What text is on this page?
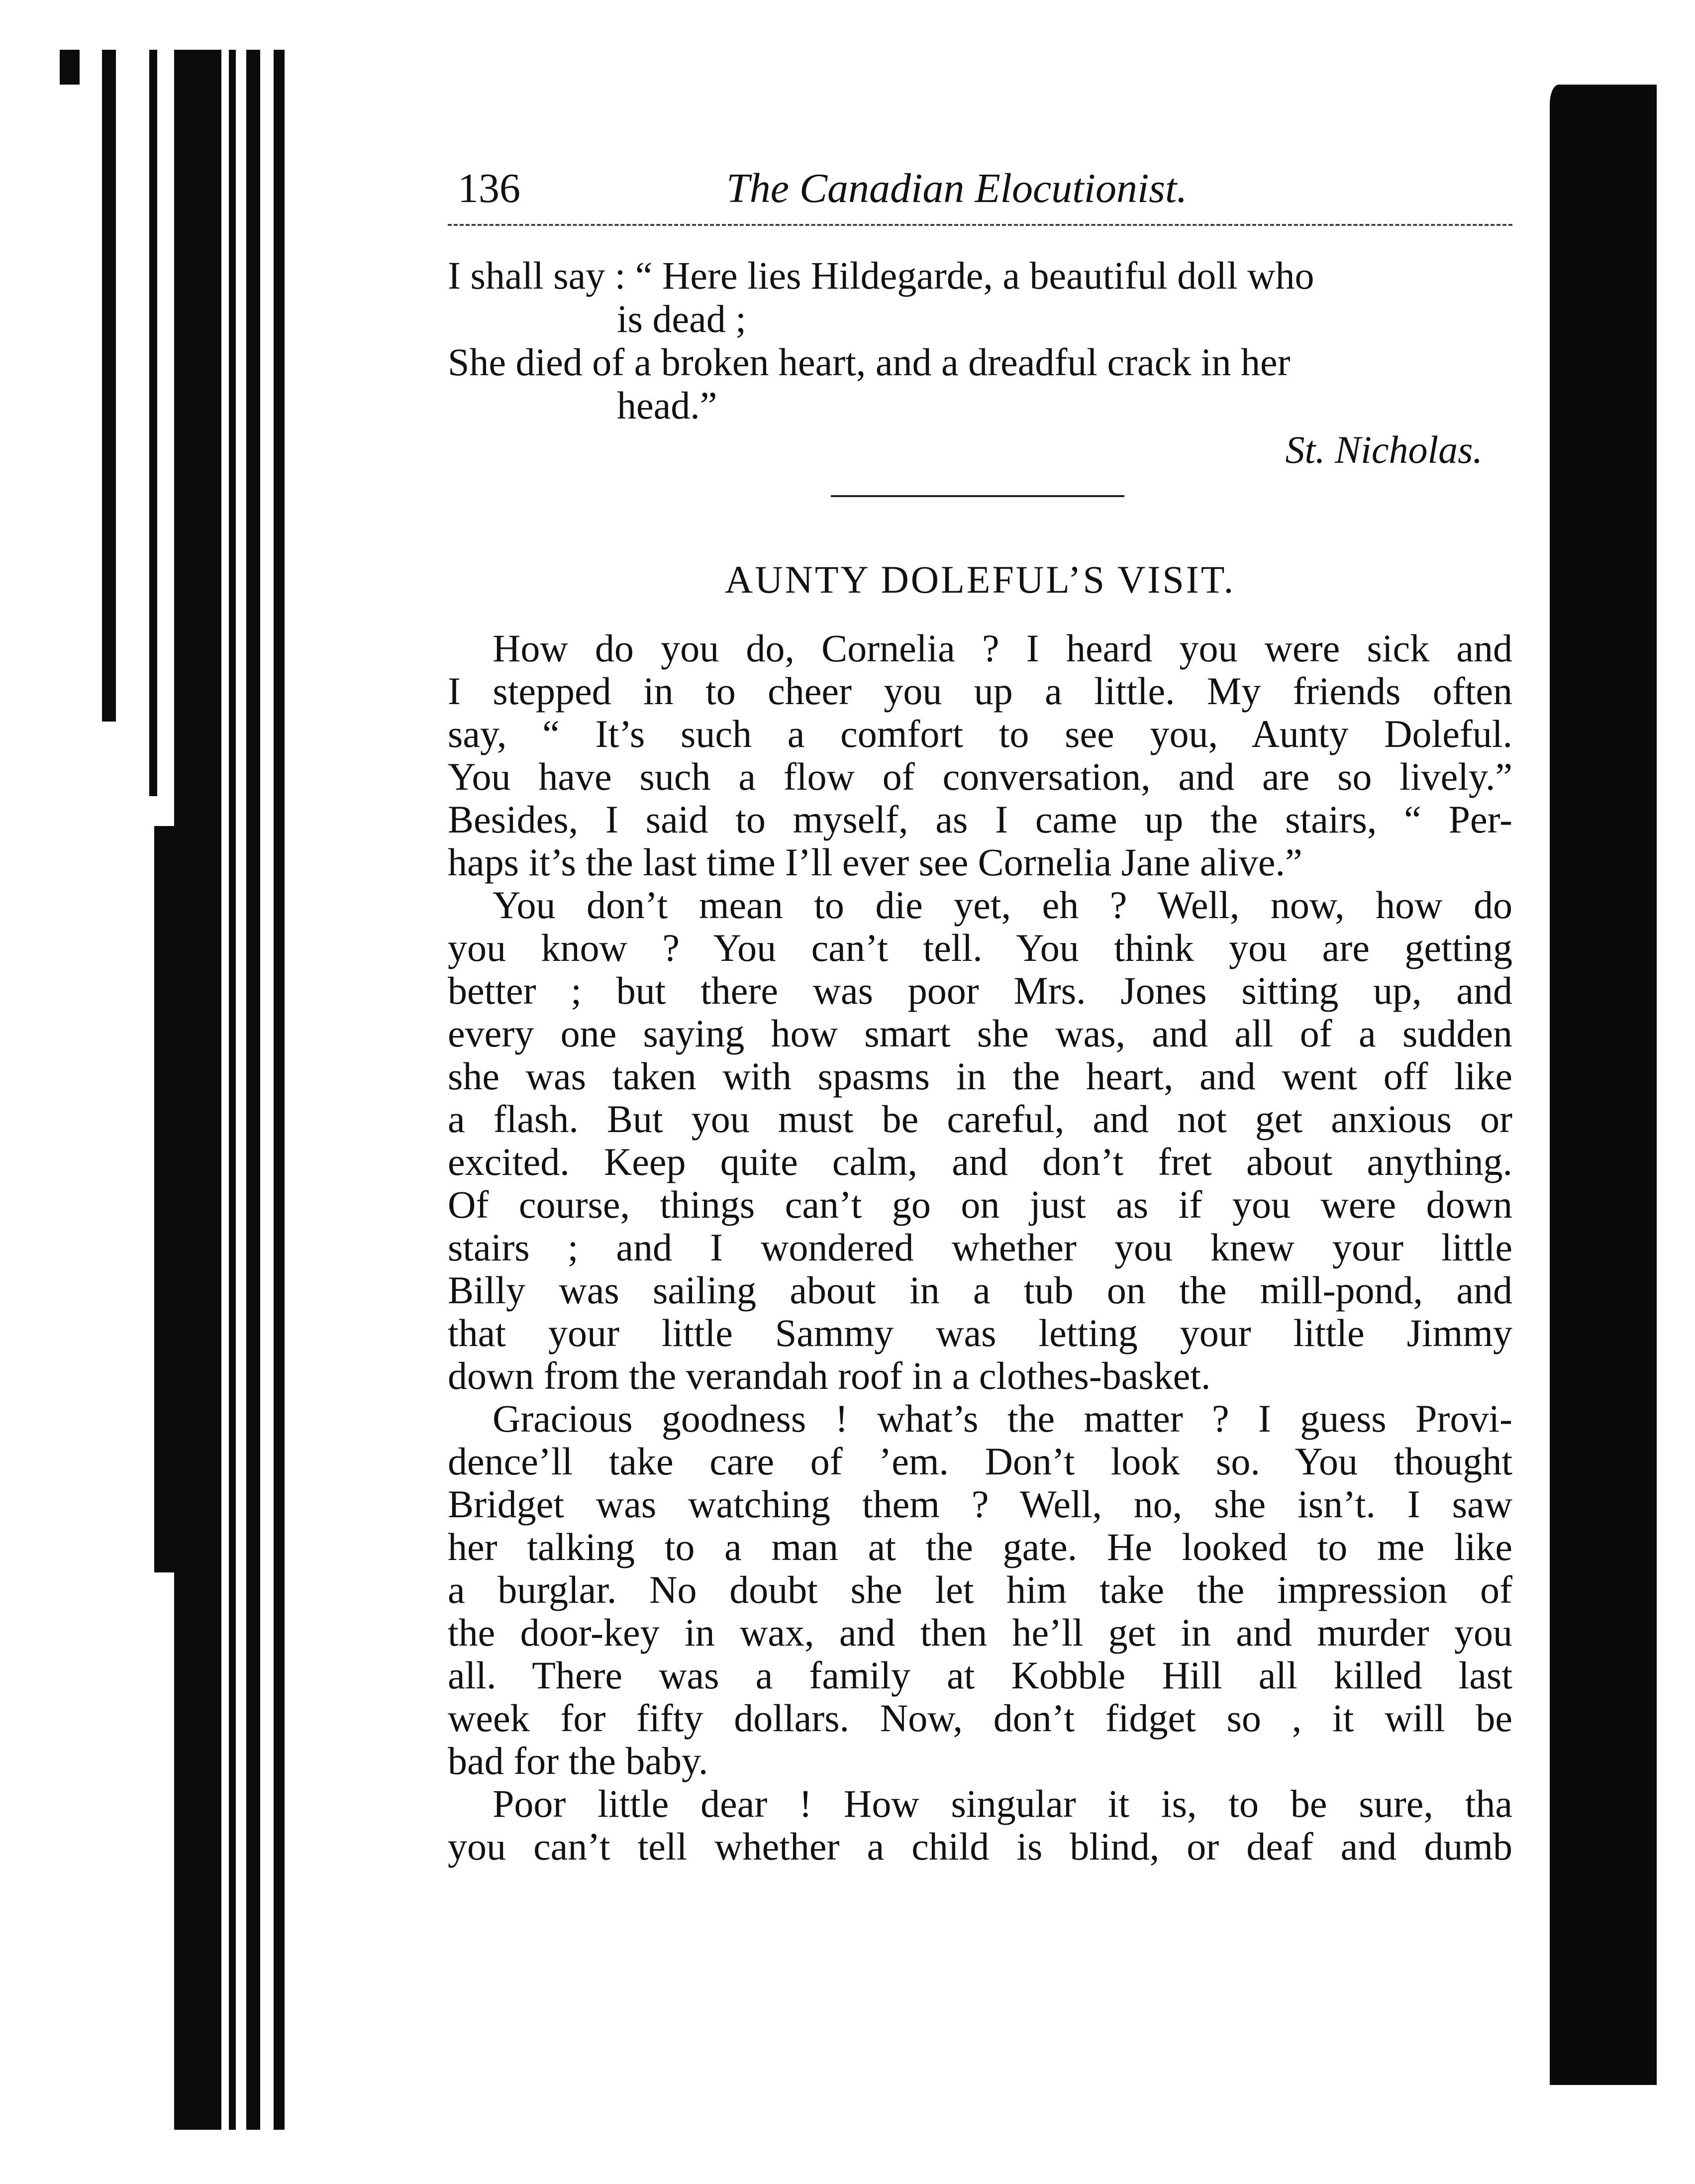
136	The Canadian Elocutionist.
I shall say : “ Here lies Hildegarde, a beautiful doll who
is dead ;
She died of a broken heart, and a dreadful crack in her
head.”
St. Nicholas.
AUNTY DOLEFUL’S VISIT.
How do you do, Cornelia ? I heard you were sick and
I stepped in to cheer you up a little. My friends often
say, “ It’s such a comfort to see you, Aunty Doleful.
You have such a flow of conversation, and are so lively.”
Besides, I said to myself, as I came up the stairs, “ Per-
haps it’s the last time I’ll ever see Cornelia Jane alive.”
You don’t mean to die yet, eh ? Well, now, how do
you know ? You can’t tell. You think you are getting
better ; but there was poor Mrs. Jones sitting up, and
every one saying how smart she was, and all of a sudden
she was taken with spasms in the heart, and went off like
a flash. But you must be careful, and not get anxious or
excited. Keep quite calm, and don’t fret about anything.
Of course, things can’t go on just as if you were down
stairs ; and I wondered whether you knew your little
Billy was sailing about in a tub on the mill-pond, and
that your little Sammy was letting your little Jimmy
down from the verandah roof in a clothes-basket.
Gracious goodness ! what’s the matter ? I guess Provi-
dence’ll take care of ’em. Don’t look so. You thought
Bridget was watching them ? Well, no, she isn’t. I saw
her talking to a man at the gate. He looked to me like
a burglar. No doubt she let him take the impression of
the door-key in wax, and then he’ll get in and murder you
all. There was a family at Kobble Hill all killed last
week for fifty dollars. Now, don’t fidget so , it will be
bad for the baby.
Poor little dear ! How singular it is, to be sure, tha
you can’t tell whether a child is blind, or deaf and dumb
